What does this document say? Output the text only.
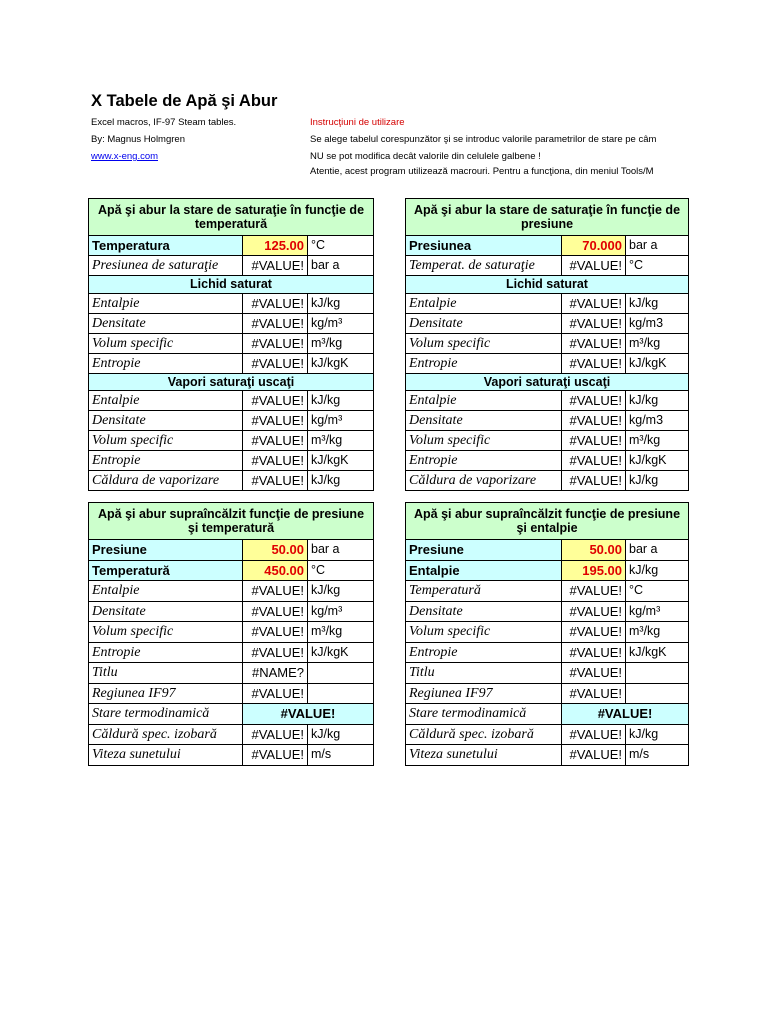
X Tabele de Apă şi Abur
Excel macros, IF-97 Steam tables.
By: Magnus Holmgren
www.x-eng.com
Instrucţiuni de utilizare
Se alege tabelul corespunzător şi se introduc valorile parametrilor de stare pe câm
NU se pot modifica decât valorile din celulele galbene !
Atentie, acest program utilizează macrouri. Pentru a funcţiona, din meniul Tools/M
Apă şi abur la stare de saturaţie în funcţie de temperatură		
Temperatura	125.00	°C
Presiunea de saturaţie	#VALUE!	bar a
Lichid saturat		
Entalpie	#VALUE!	kJ/kg
Densitate	#VALUE!	kg/m³
Volum specific	#VALUE!	m³/kg
Entropie	#VALUE!	kJ/kgK
Vapori saturaţi uscaţi		
Entalpie	#VALUE!	kJ/kg
Densitate	#VALUE!	kg/m³
Volum specific	#VALUE!	m³/kg
Entropie	#VALUE!	kJ/kgK
Căldura de vaporizare	#VALUE!	kJ/kg
Apă şi abur la stare de saturaţie în funcţie de presiune		
Presiunea	70.000	bar a
Temperat. de saturaţie	#VALUE!	°C
Lichid saturat		
Entalpie	#VALUE!	kJ/kg
Densitate	#VALUE!	kg/m3
Volum specific	#VALUE!	m³/kg
Entropie	#VALUE!	kJ/kgK
Vapori saturaţi uscaţi		
Entalpie	#VALUE!	kJ/kg
Densitate	#VALUE!	kg/m3
Volum specific	#VALUE!	m³/kg
Entropie	#VALUE!	kJ/kgK
Căldura de vaporizare	#VALUE!	kJ/kg
Apă şi abur supraîncălzit funcţie de presiune şi temperatură		
Presiune	50.00	bar a
Temperatură	450.00	°C
Entalpie	#VALUE!	kJ/kg
Densitate	#VALUE!	kg/m³
Volum specific	#VALUE!	m³/kg
Entropie	#VALUE!	kJ/kgK
Titlu	#NAME?	
Regiunea IF97	#VALUE!	
Stare termodinamică	#VALUE!	
Căldură spec. izobară	#VALUE!	kJ/kg
Viteza sunetului	#VALUE!	m/s
Apă şi abur supraîncălzit funcţie de presiune şi entalpie		
Presiune	50.00	bar a
Entalpie	195.00	kJ/kg
Temperatură	#VALUE!	°C
Densitate	#VALUE!	kg/m³
Volum specific	#VALUE!	m³/kg
Entropie	#VALUE!	kJ/kgK
Titlu	#VALUE!	
Regiunea IF97	#VALUE!	
Stare termodinamică	#VALUE!	
Căldură spec. izobară	#VALUE!	kJ/kg
Viteza sunetului	#VALUE!	m/s
